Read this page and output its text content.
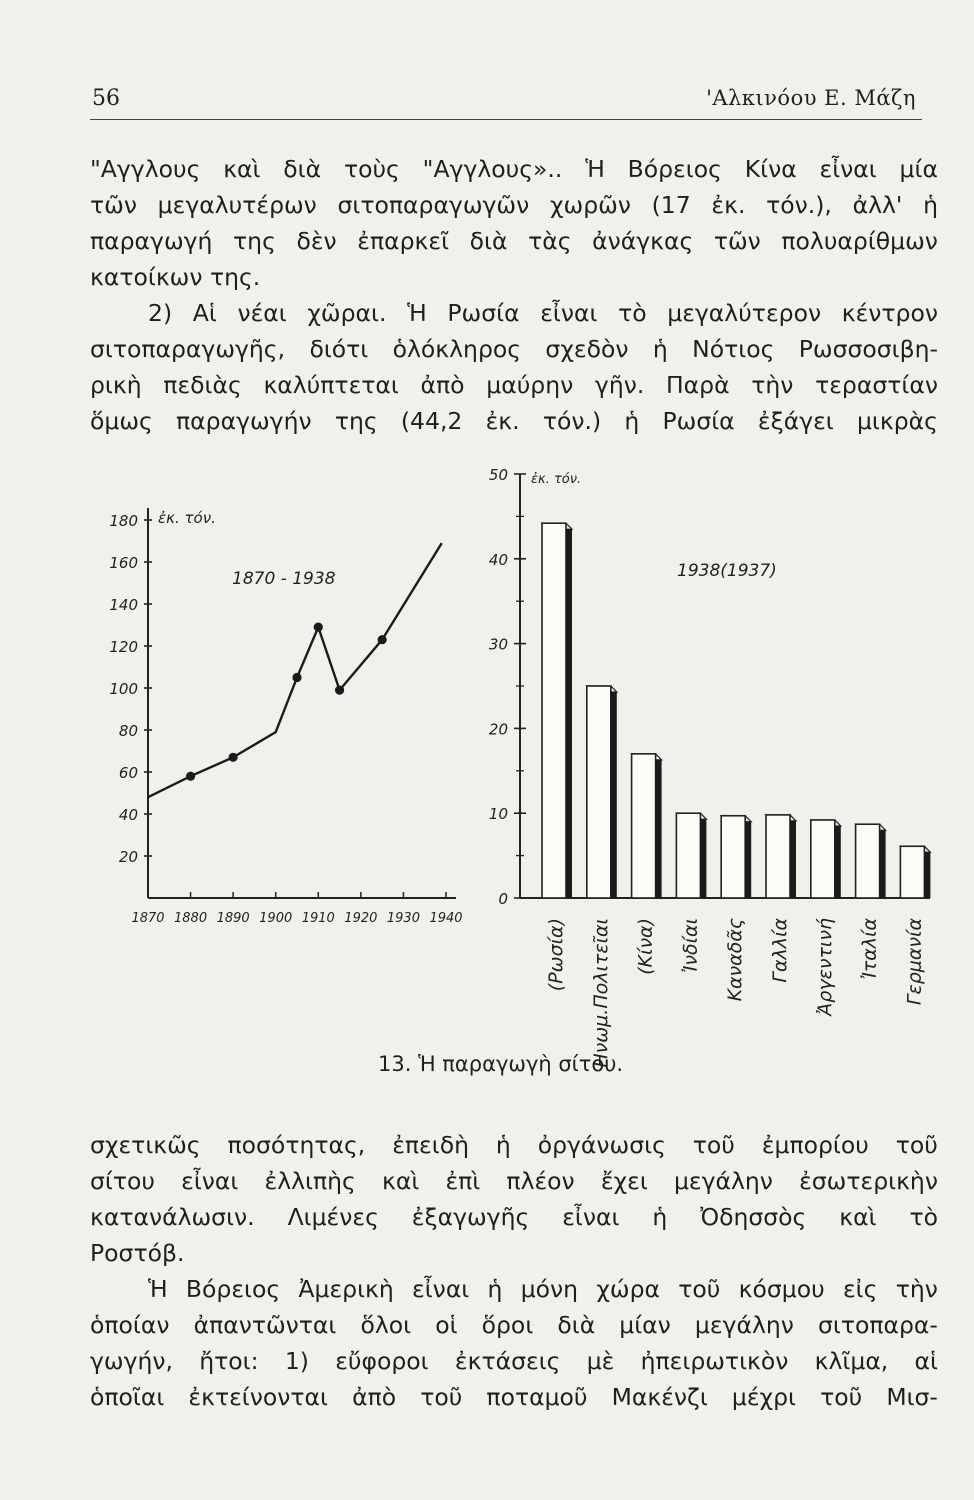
56	'Αλκινόου Ε. Μάζη
"Αγγλους καὶ διὰ τοὺς "Αγγλους».. Ἡ Βόρειος Κίνα εἶναι μία
τῶν μεγαλυτέρων σιτοπαραγωγῶν χωρῶν (17 ἐκ. τόν.), ἀλλ' ἡ
παραγωγή της δὲν ἐπαρκεῖ διὰ τὰς ἀνάγκας τῶν πολυαρίθμων
κατοίκων της.
2) Αἱ νέαι χῶραι. Ἡ Ρωσία εἶναι τὸ μεγαλύτερον κέντρον
σιτοπαραγωγῆς, διότι ὁλόκληρος σχεδὸν ἡ Νότιος Ρωσσοσιβη-
ρικὴ πεδιὰς καλύπτεται ἀπὸ μαύρην γῆν. Παρὰ τὴν τεραστίαν
ὅμως παραγωγήν της (44,2 ἐκ. τόν.) ἡ Ρωσία ἐξάγει μικρὰς
ἐκ. τόν.
1870 - 1938
20
40
60
80
100
120
140
160
180
1870 1880 1890 1900 1910 1920 1930 1940
ἐκ. τόν.
1938(1937)
0
10
20
30
40
50
(Ρωσία) Ηνωμ.Πολιτεῖαι (Κίνα) Ἰνδίαι Καναδᾶς Γαλλία Ἀργεντινή Ἰταλία Γερμανία
13. Ἡ παραγωγὴ σίτου.
σχετικῶς ποσότητας, ἐπειδὴ ἡ ὀργάνωσις τοῦ ἐμπορίου τοῦ
σίτου εἶναι ἐλλιπὴς καὶ ἐπὶ πλέον ἔχει μεγάλην ἐσωτερικὴν
κατανάλωσιν. Λιμένες ἐξαγωγῆς εἶναι ἡ Ὀδησσὸς καὶ τὸ
Ροστόβ.
Ἡ Βόρειος Ἀμερικὴ εἶναι ἡ μόνη χώρα τοῦ κόσμου εἰς τὴν
ὁποίαν ἀπαντῶνται ὅλοι οἱ ὅροι διὰ μίαν μεγάλην σιτοπαρα-
γωγήν, ἤτοι: 1) εὔφοροι ἐκτάσεις μὲ ἠπειρωτικὸν κλῖμα, αἱ
ὁποῖαι ἐκτείνονται ἀπὸ τοῦ ποταμοῦ Μακένζι μέχρι τοῦ Μισ-
